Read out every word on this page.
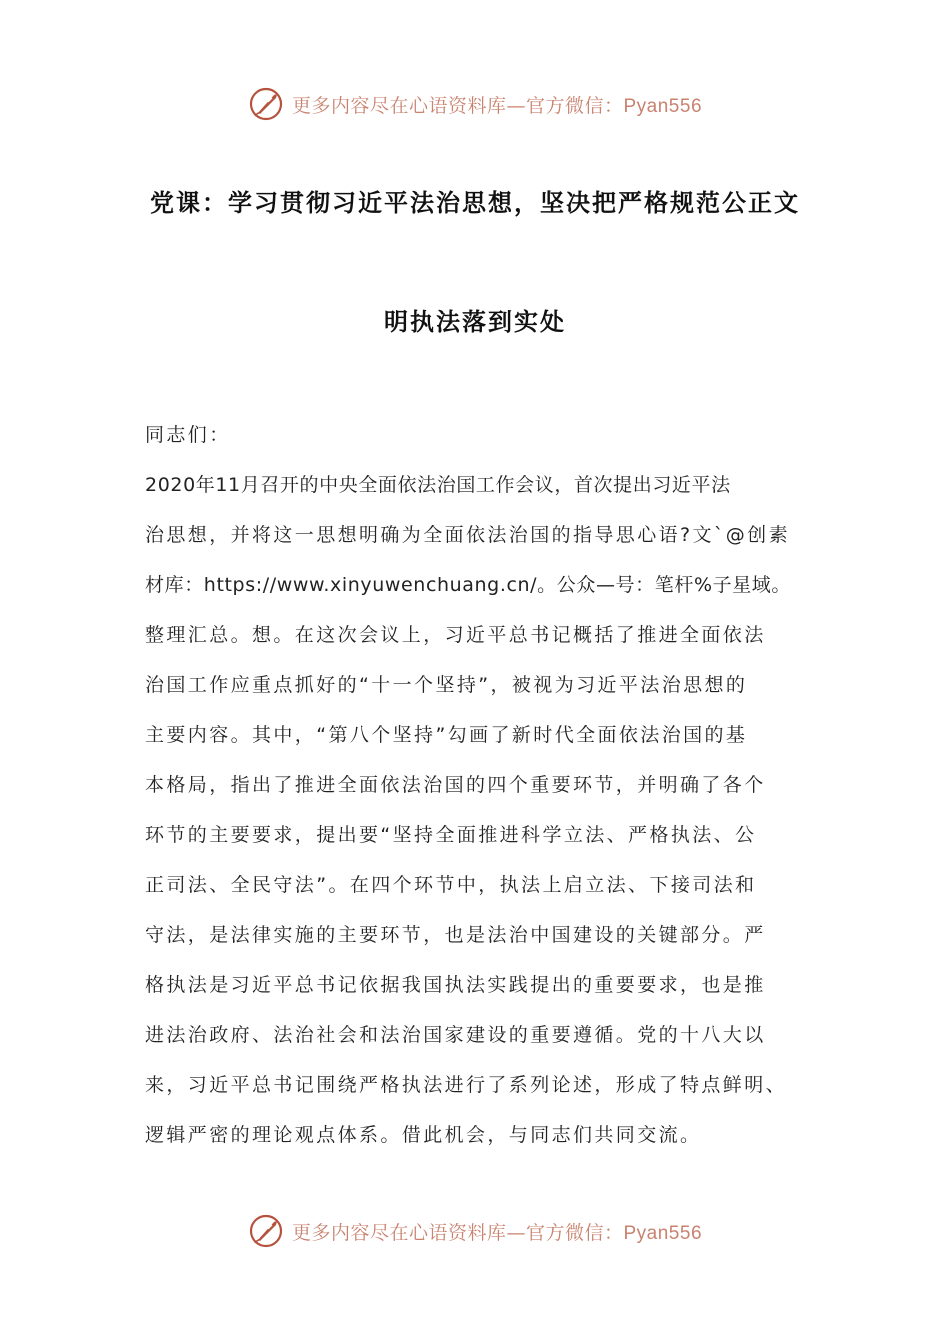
更多内容尽在心语资料库—官方微信：Pyan556
党课：学习贯彻习近平法治思想，坚决把严格规范公正文
明执法落到实处
同志们：
2020年11月召开的中央全面依法治国工作会议，首次提出习近平法
治思想，并将这一思想明确为全面依法治国的指导思心语?文`@创素
材库：https://www.xinyuwenchuang.cn/。公众—号：笔杆%子星域。
整理汇总。想。在这次会议上，习近平总书记概括了推进全面依法
治国工作应重点抓好的“十一个坚持”，被视为习近平法治思想的
主要内容。其中，“第八个坚持”勾画了新时代全面依法治国的基
本格局，指出了推进全面依法治国的四个重要环节，并明确了各个
环节的主要要求，提出要“坚持全面推进科学立法、严格执法、公
正司法、全民守法”。在四个环节中，执法上启立法、下接司法和
守法，是法律实施的主要环节，也是法治中国建设的关键部分。严
格执法是习近平总书记依据我国执法实践提出的重要要求，也是推
进法治政府、法治社会和法治国家建设的重要遵循。党的十八大以
来，习近平总书记围绕严格执法进行了系列论述，形成了特点鲜明、
逻辑严密的理论观点体系。借此机会，与同志们共同交流。
更多内容尽在心语资料库—官方微信：Pyan556
